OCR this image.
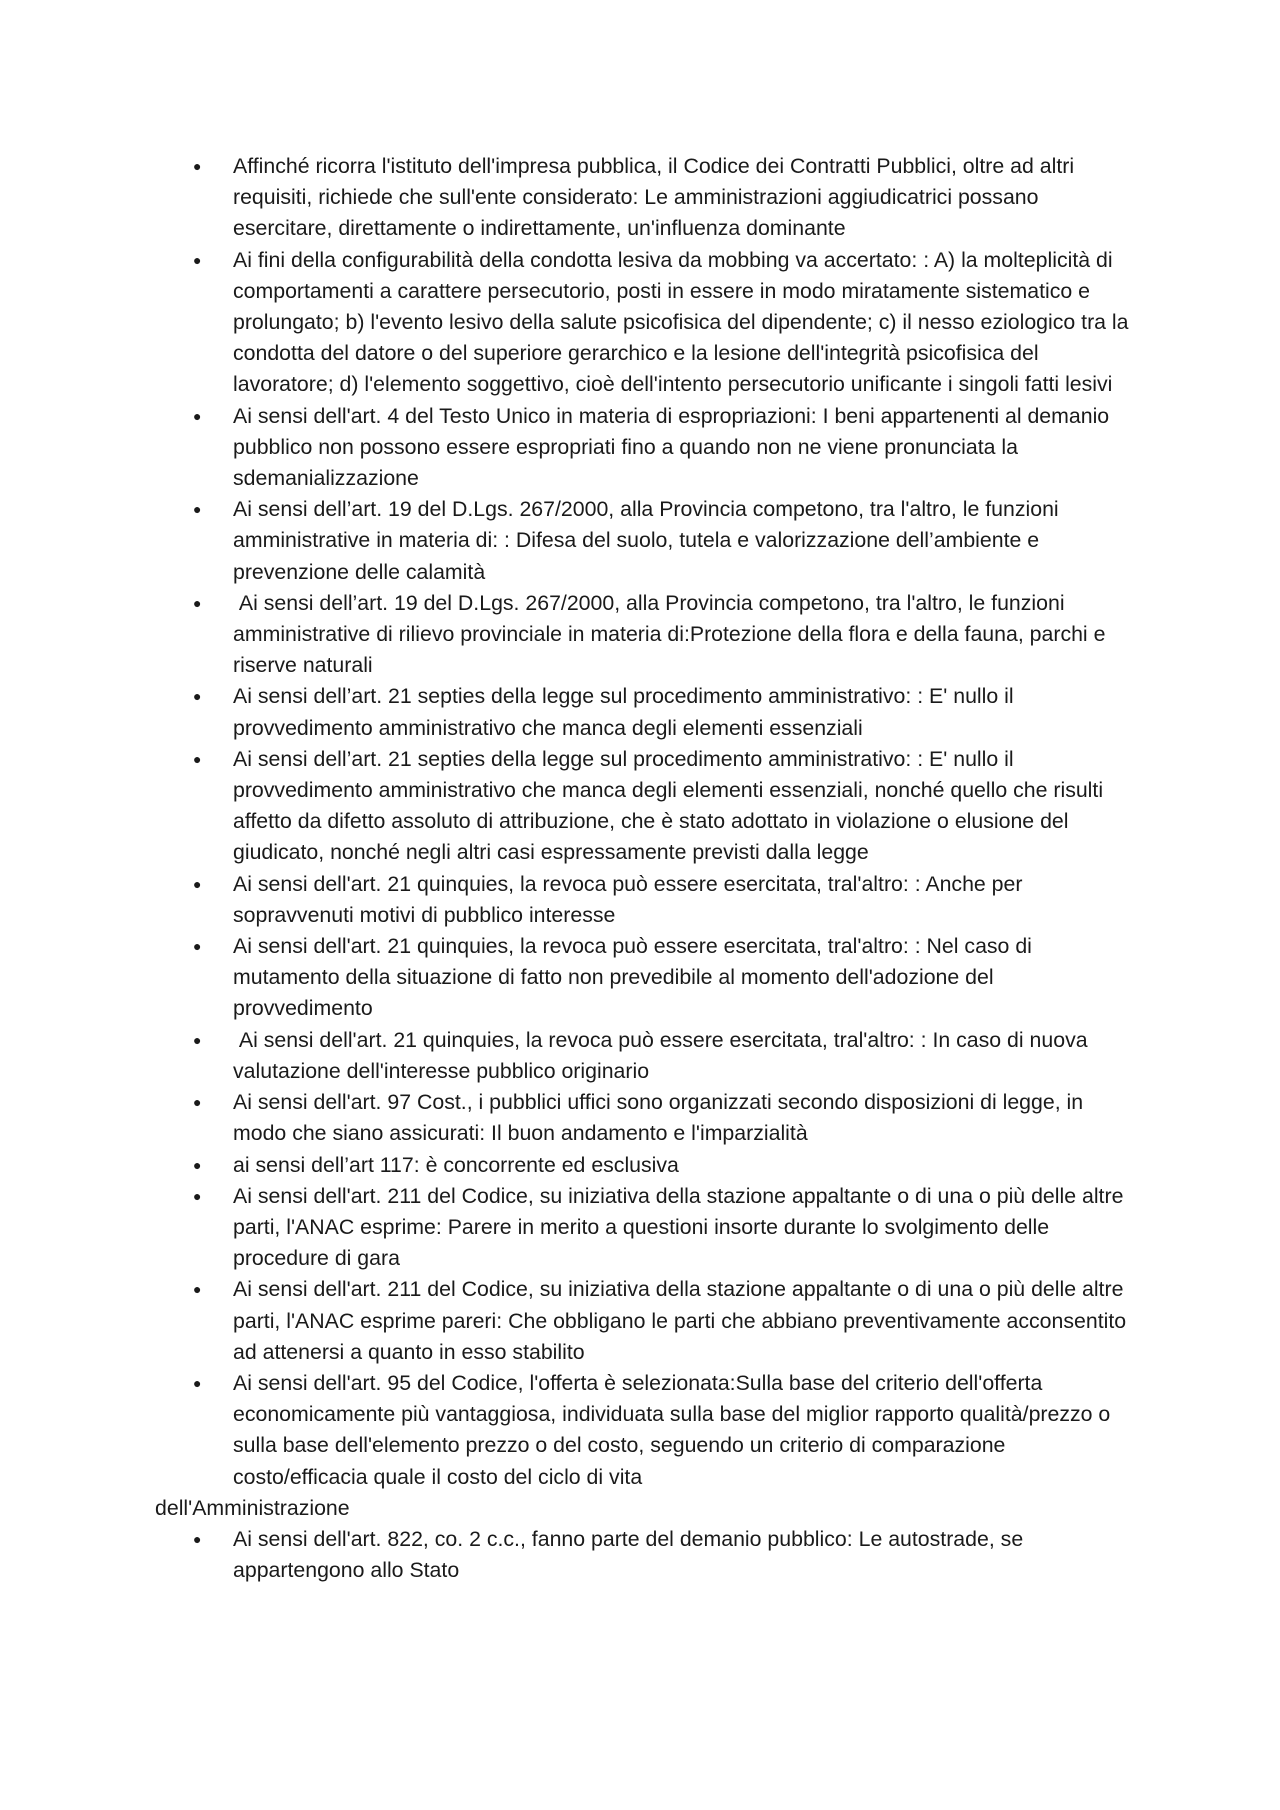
● Affinché ricorra l'istituto dell'impresa pubblica, il Codice dei Contratti Pubblici, oltre ad altri requisiti, richiede che sull'ente considerato: Le amministrazioni aggiudicatrici possano esercitare, direttamente o indirettamente, un'influenza dominante
● Ai fini della configurabilità della condotta lesiva da mobbing va accertato: : A) la molteplicità di comportamenti a carattere persecutorio, posti in essere in modo miratamente sistematico e prolungato; b) l'evento lesivo della salute psicofisica del dipendente; c) il nesso eziologico tra la condotta del datore o del superiore gerarchico e la lesione dell'integrità psicofisica del lavoratore; d) l'elemento soggettivo, cioè dell'intento persecutorio unificante i singoli fatti lesivi
● Ai sensi dell'art. 4 del Testo Unico in materia di espropriazioni: I beni appartenenti al demanio pubblico non possono essere espropriati fino a quando non ne viene pronunciata la sdemanializzazione
● Ai sensi dell’art. 19 del D.Lgs. 267/2000, alla Provincia competono, tra l'altro, le funzioni amministrative in materia di: : Difesa del suolo, tutela e valorizzazione dell’ambiente e prevenzione delle calamità
● Ai sensi dell’art. 19 del D.Lgs. 267/2000, alla Provincia competono, tra l'altro, le funzioni amministrative di rilievo provinciale in materia di:Protezione della flora e della fauna, parchi e riserve naturali
● Ai sensi dell’art. 21 septies della legge sul procedimento amministrativo: : E' nullo il provvedimento amministrativo che manca degli elementi essenziali
● Ai sensi dell’art. 21 septies della legge sul procedimento amministrativo: : E' nullo il provvedimento amministrativo che manca degli elementi essenziali, nonché quello che risulti affetto da difetto assoluto di attribuzione, che è stato adottato in violazione o elusione del giudicato, nonché negli altri casi espressamente previsti dalla legge
● Ai sensi dell'art. 21 quinquies, la revoca può essere esercitata, tral'altro: : Anche per sopravvenuti motivi di pubblico interesse
● Ai sensi dell'art. 21 quinquies, la revoca può essere esercitata, tral'altro: : Nel caso di mutamento della situazione di fatto non prevedibile al momento dell'adozione del provvedimento
● Ai sensi dell'art. 21 quinquies, la revoca può essere esercitata, tral'altro: : In caso di nuova valutazione dell'interesse pubblico originario
● Ai sensi dell'art. 97 Cost., i pubblici uffici sono organizzati secondo disposizioni di legge, in modo che siano assicurati: Il buon andamento e l'imparzialità
● ai sensi dell’art 117: è concorrente ed esclusiva
● Ai sensi dell'art. 211 del Codice, su iniziativa della stazione appaltante o di una o più delle altre parti, l'ANAC esprime: Parere in merito a questioni insorte durante lo svolgimento delle procedure di gara
● Ai sensi dell'art. 211 del Codice, su iniziativa della stazione appaltante o di una o più delle altre parti, l'ANAC esprime pareri: Che obbligano le parti che abbiano preventivamente acconsentito ad attenersi a quanto in esso stabilito
● Ai sensi dell'art. 95 del Codice, l'offerta è selezionata:Sulla base del criterio dell'offerta economicamente più vantaggiosa, individuata sulla base del miglior rapporto qualità/prezzo o sulla base dell'elemento prezzo o del costo, seguendo un criterio di comparazione costo/efficacia quale il costo del ciclo di vita
dell'Amministrazione
● Ai sensi dell'art. 822, co. 2 c.c., fanno parte del demanio pubblico: Le autostrade, se appartengono allo Stato
